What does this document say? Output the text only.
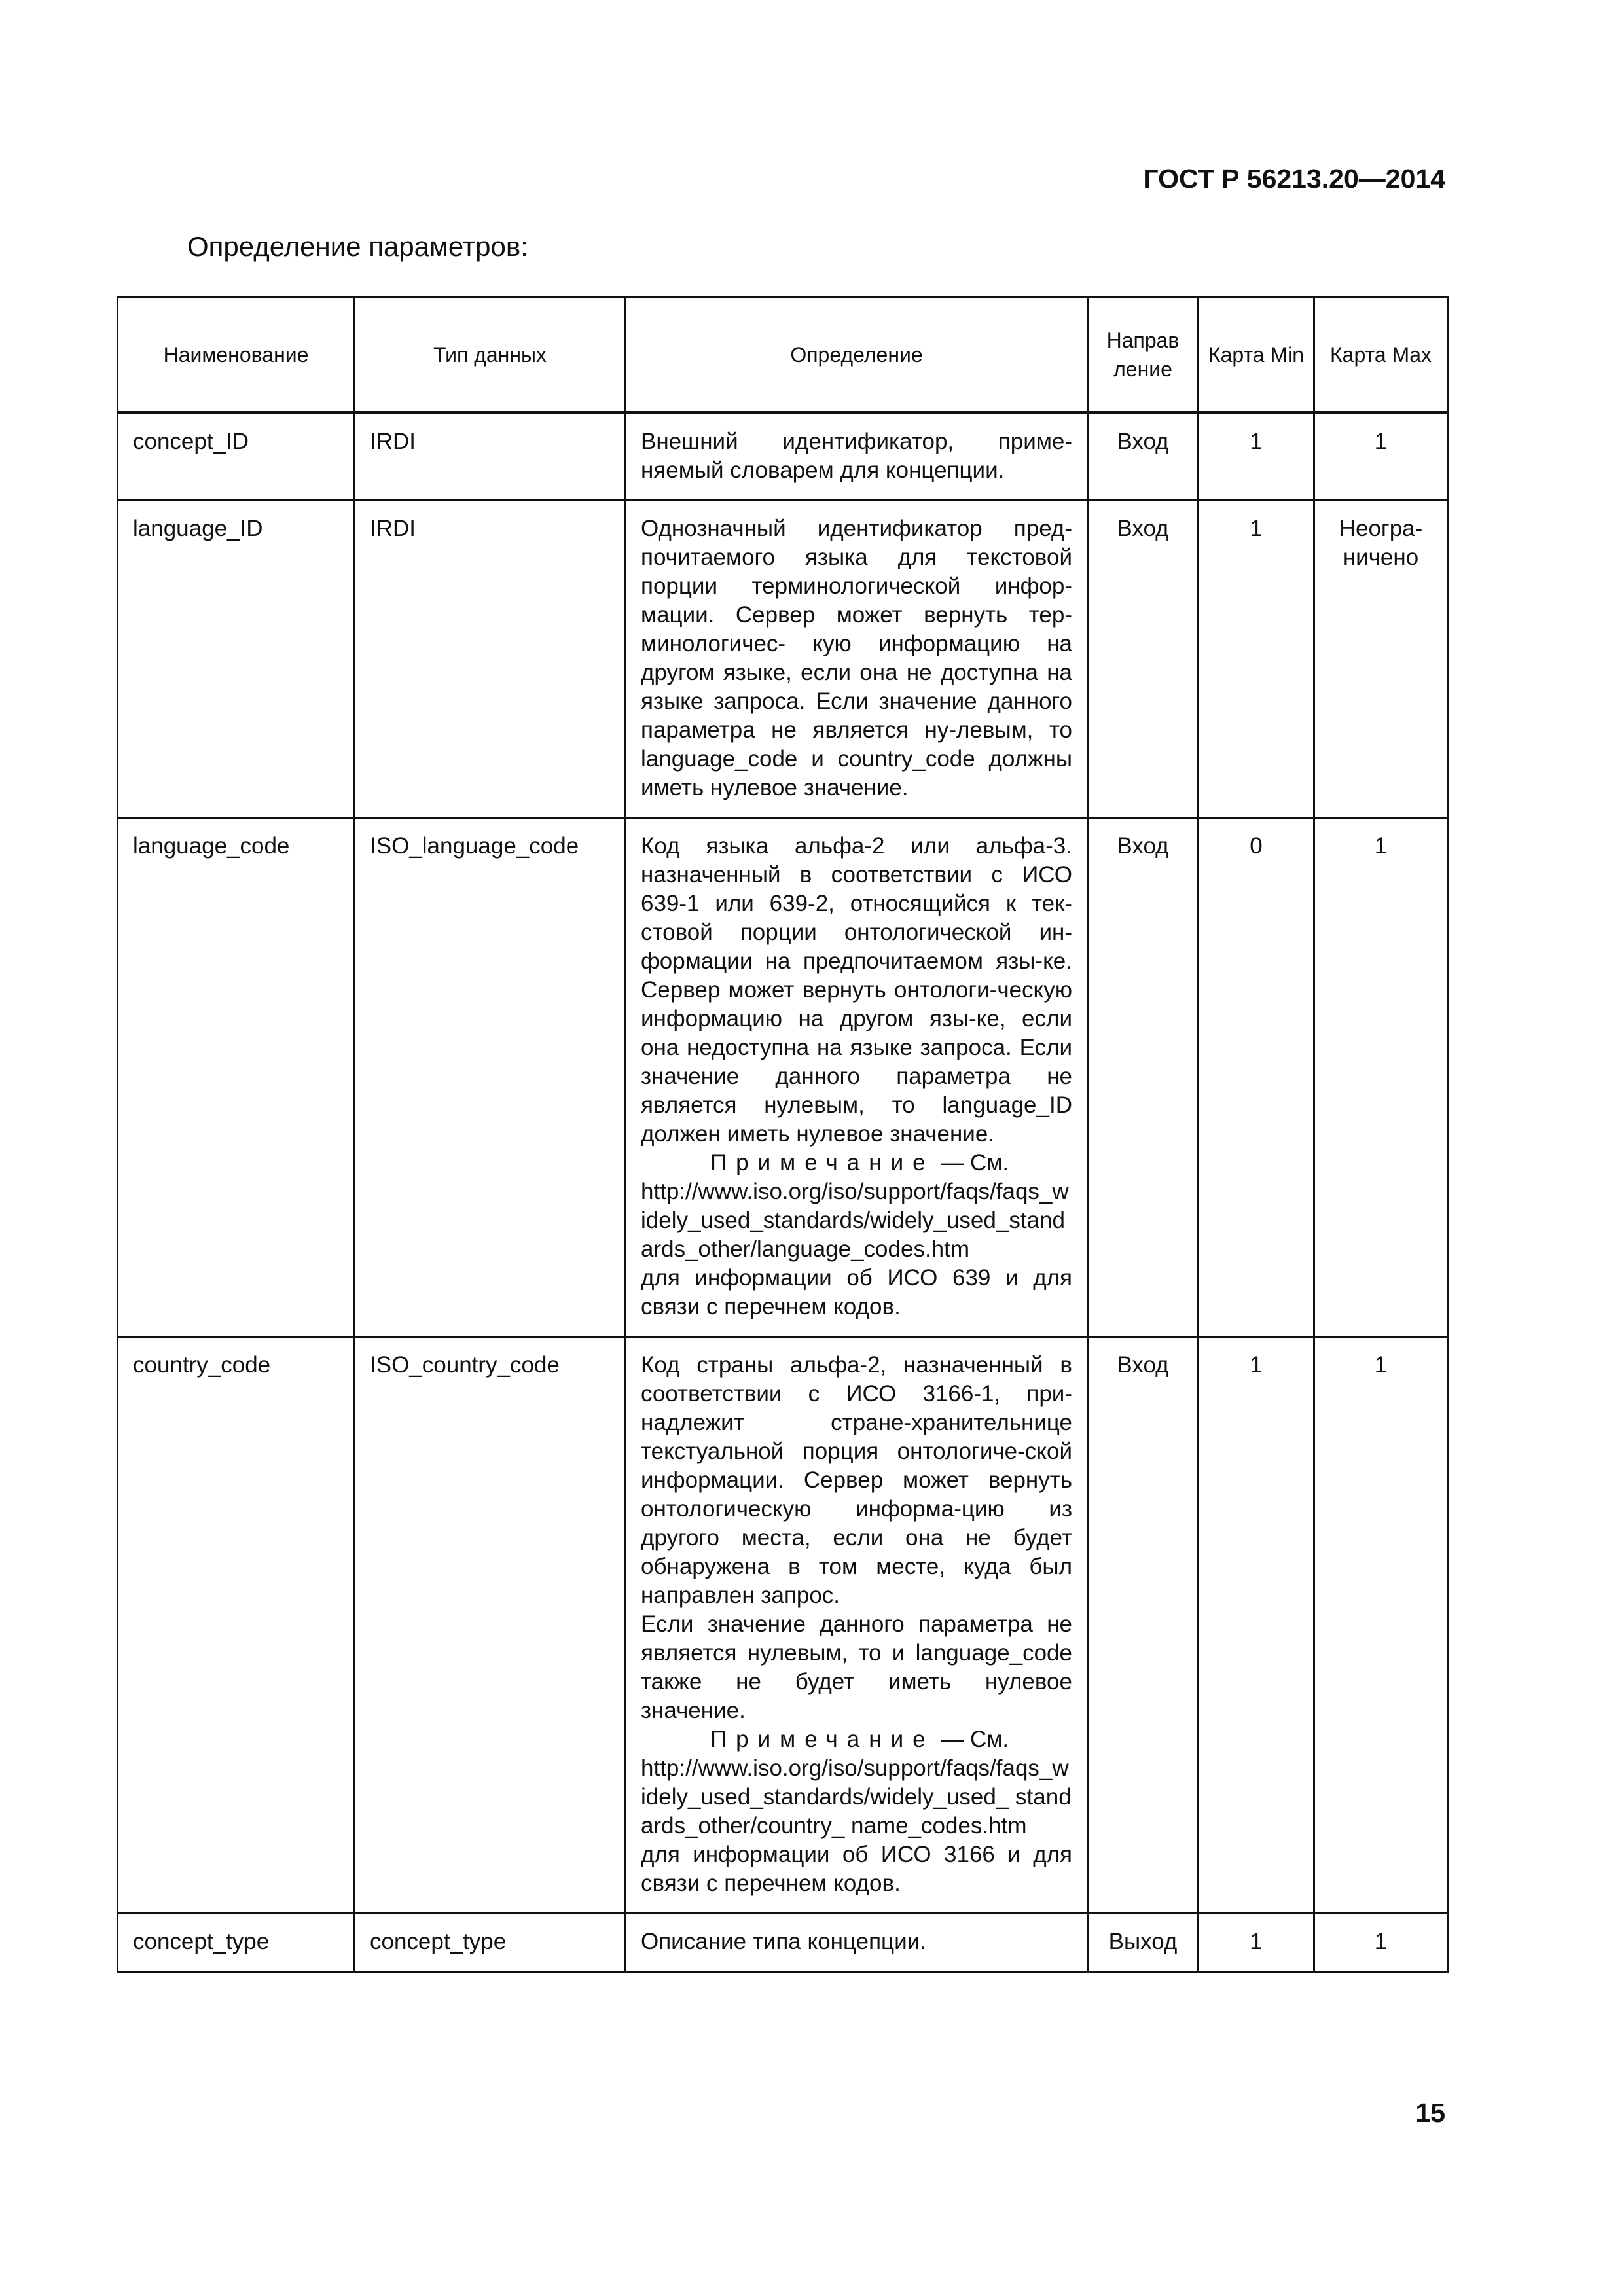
ГОСТ Р 56213.20—2014
Определение параметров:
Наименование	Тип данных	Определение	Направ ление	Карта Min	Карта Max
concept_ID	IRDI	Внешний идентификатор, приме-няемый словарем для концепции.	Вход	1	1
language_ID	IRDI	Однозначный идентификатор пред-почитаемого языка для текстовой порции терминологической инфор-мации. Сервер может вернуть тер-минологичес- кую информацию на другом языке, если она не доступна на языке запроса. Если значение данного параметра не является ну-левым, то language_code и country_code должны иметь нулевое значение.	Вход	1	Неогра-ничено
language_code	ISO_language_code	Код языка альфа-2 или альфа-3. назначенный в соответствии с ИСО 639-1 или 639-2, относящийся к тек-стовой порции онтологической ин-формации на предпочитаемом язы-ке. Сервер может вернуть онтологи-ческую информацию на другом язы-ке, если она недоступна на языке запроса. Если значение данного параметра не является нулевым, то language_ID должен иметь нулевое значение.
Примечание — См.
http://www.iso.org/iso/support/faqs/faqs_widely_used_standards/widely_used_standards_other/language_codes.htm
для информации об ИСО 639 и для связи с перечнем кодов.	Вход	0	1
country_code	ISO_country_code	Код страны альфа-2, назначенный в соответствии с ИСО 3166-1, при-надлежит стране-хранительнице текстуальной порция онтологиче-ской информации. Сервер может вернуть онтологическую информа-цию из другого места, если она не будет обнаружена в том месте, куда был направлен запрос.
Если значение данного параметра не является нулевым, то и language_code также не будет иметь нулевое значение.
Примечание — См.
http://www.iso.org/iso/support/faqs/faqs_widely_used_standards/widely_used_ standards_other/country_ name_codes.htm
для информации об ИСО 3166 и для связи с перечнем кодов.	Вход	1	1
concept_type	concept_type	Описание типа концепции.	Выход	1	1
15
